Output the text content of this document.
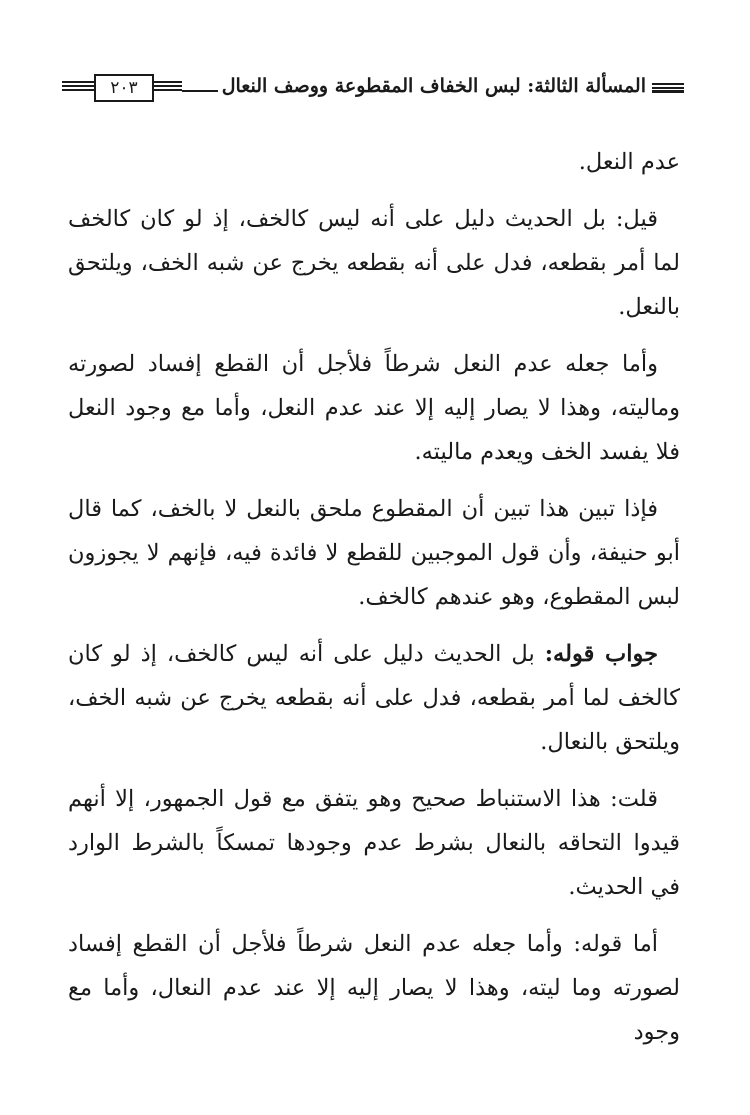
٢٠٣	المسألة الثالثة: لبس الخفاف المقطوعة ووصف النعال

عدم النعل.

قيل: بل الحديث دليل على أنه ليس كالخف، إذ لو كان كالخف لما أمر بقطعه، فدل على أنه بقطعه يخرج عن شبه الخف، ويلتحق بالنعل.

وأما جعله عدم النعل شرطاً فلأجل أن القطع إفساد لصورته وماليته، وهذا لا يصار إليه إلا عند عدم النعل، وأما مع وجود النعل فلا يفسد الخف ويعدم ماليته.

فإذا تبين هذا تبين أن المقطوع ملحق بالنعل لا بالخف، كما قال أبو حنيفة، وأن قول الموجبين للقطع لا فائدة فيه، فإنهم لا يجوزون لبس المقطوع، وهو عندهم كالخف.

جواب قوله: بل الحديث دليل على أنه ليس كالخف، إذ لو كان كالخف لما أمر بقطعه، فدل على أنه بقطعه يخرج عن شبه الخف، ويلتحق بالنعال.

قلت: هذا الاستنباط صحيح وهو يتفق مع قول الجمهور، إلا أنهم قيدوا التحاقه بالنعال بشرط عدم وجودها تمسكاً بالشرط الوارد في الحديث.

أما قوله: وأما جعله عدم النعل شرطاً فلأجل أن القطع إفساد لصورته وما ليته، وهذا لا يصار إليه إلا عند عدم النعال، وأما مع وجود
